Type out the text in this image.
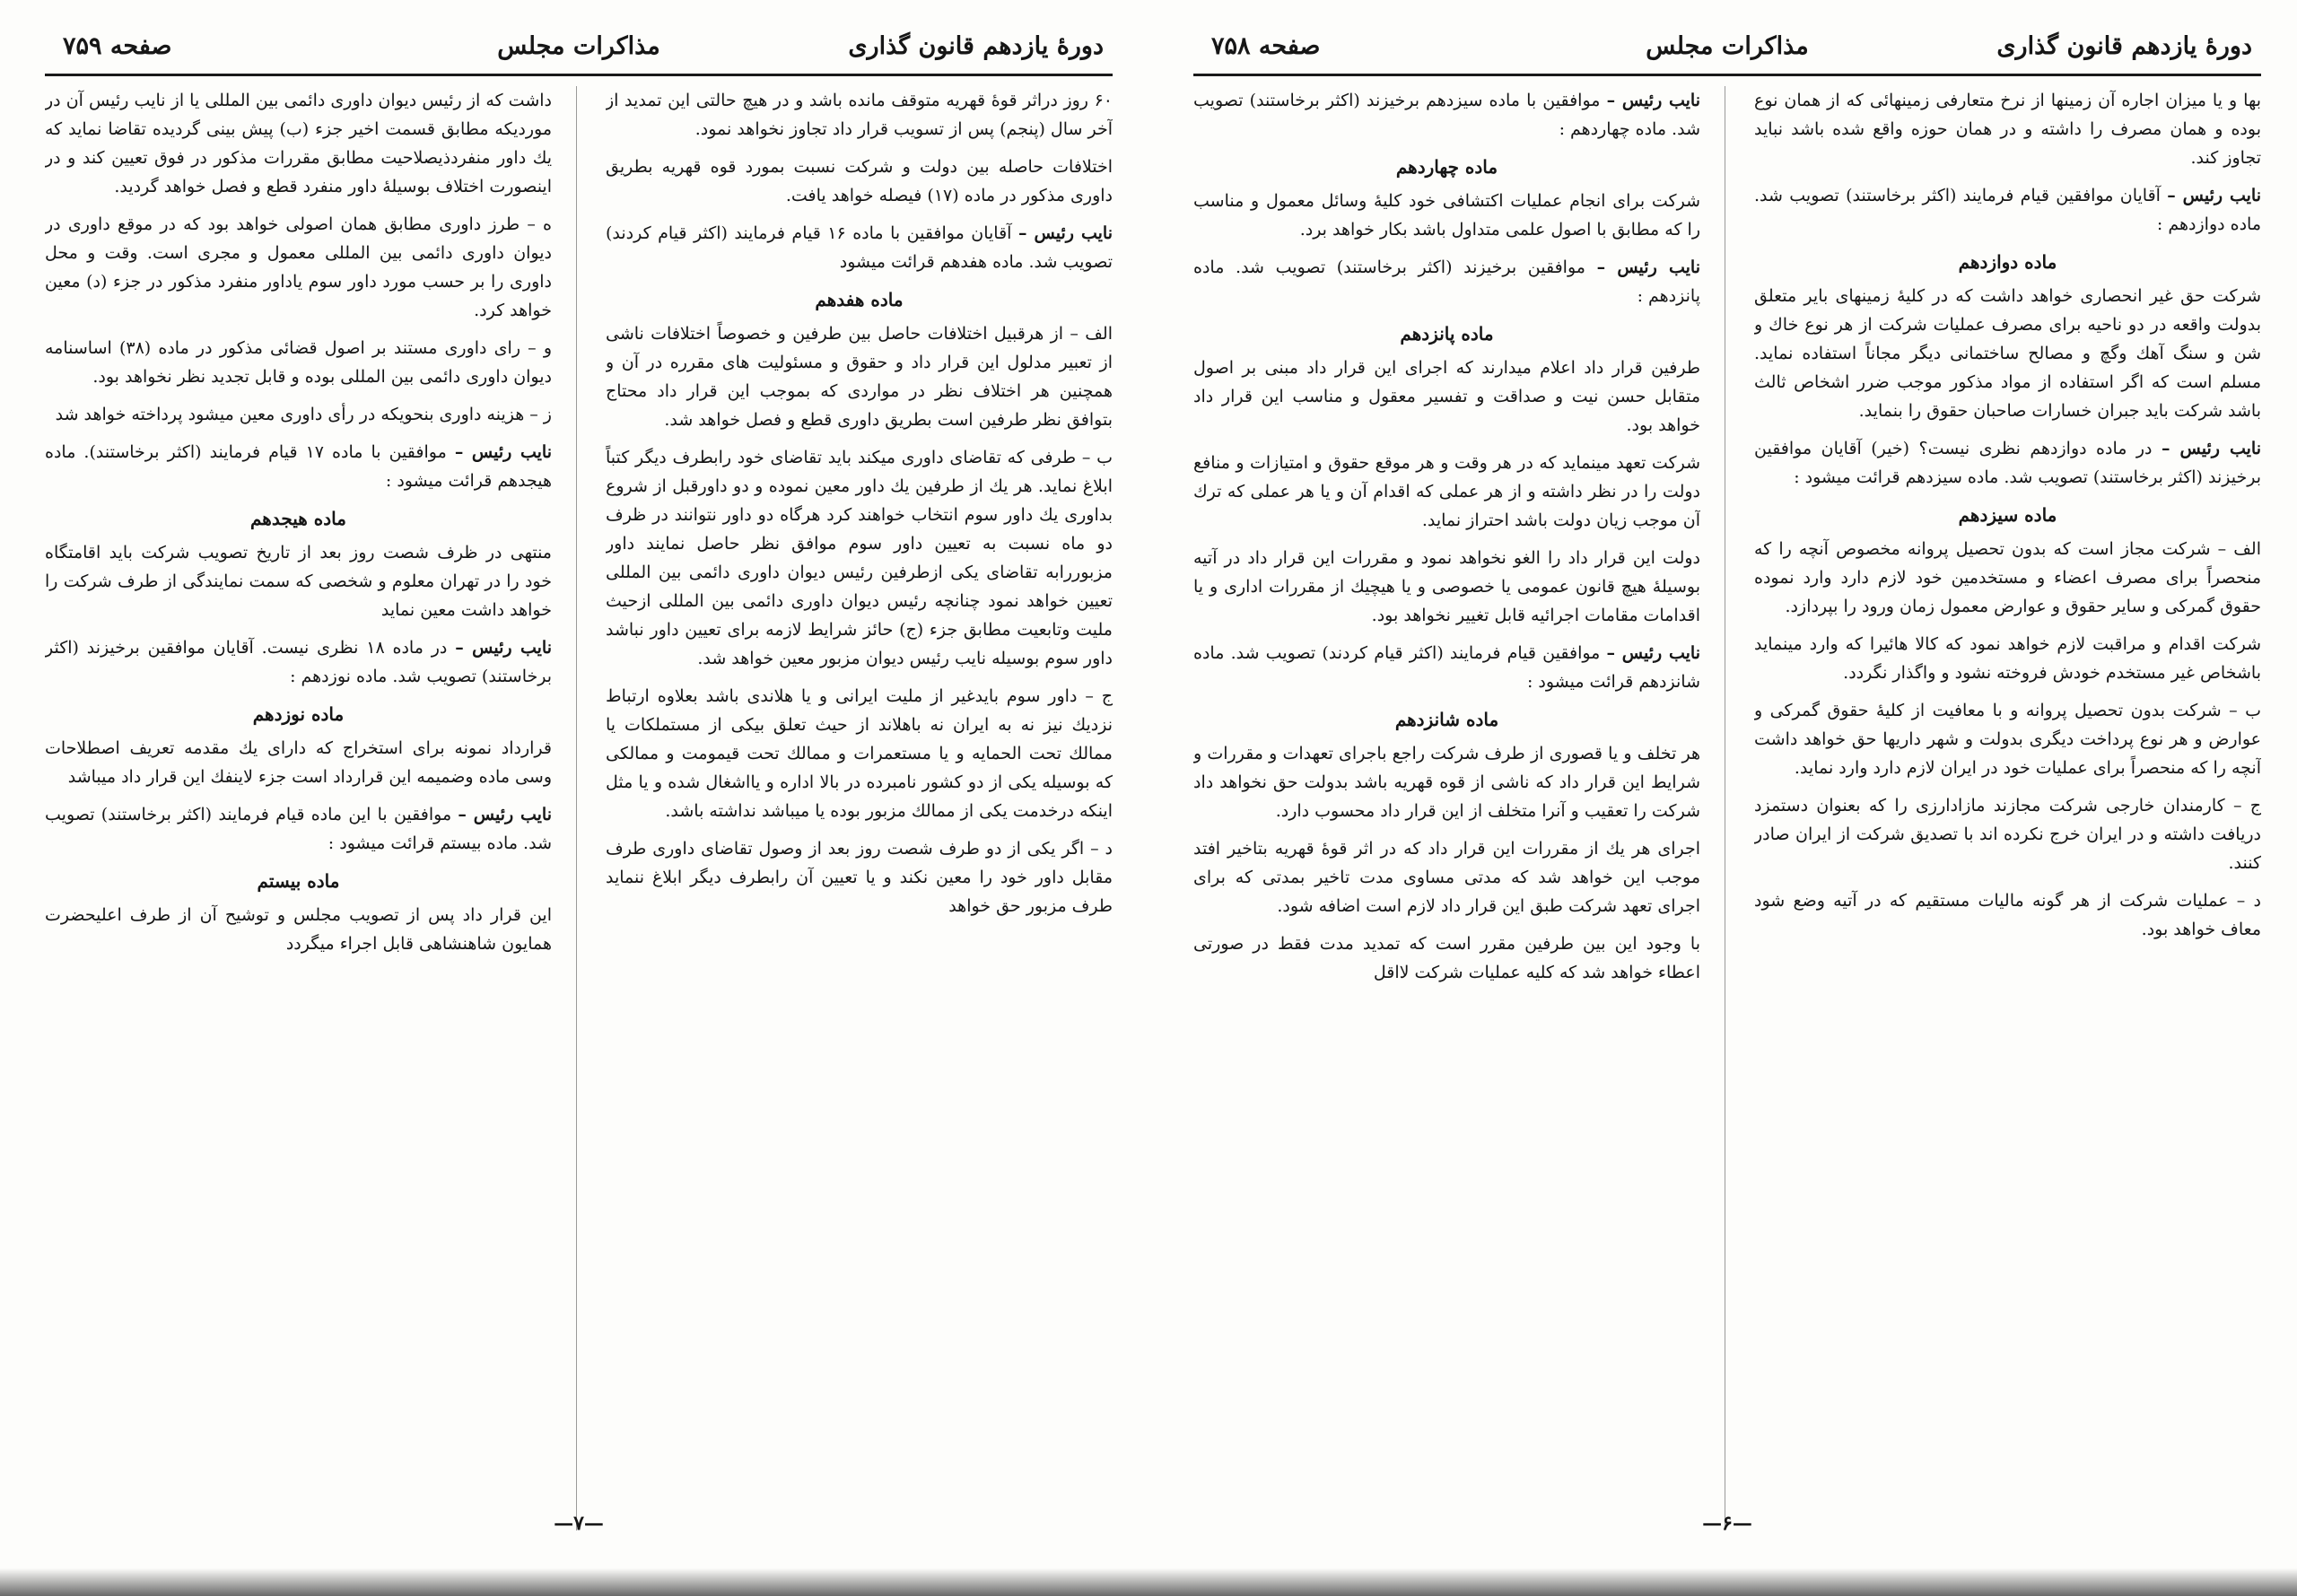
دورهٔ یازدهم قانون گذاری
مذاکرات مجلس
صفحه ۷۵۹

۶۰ روز دراثر قوهٔ قهریه متوقف مانده باشد و در هیچ حالتی این تمدید از آخر سال (پنجم) پس از تسویب قرار داد تجاوز نخواهد نمود.

اختلافات حاصله بین دولت و شرکت نسبت بمورد قوه قهریه بطریق داوری مذکور در ماده (۱۷) فیصله خواهد یافت.

نایب رئیس – آقایان موافقین با ماده ۱۶ قیام فرمایند (اکثر قیام کردند) تصویب شد. ماده هفدهم قرائت میشود

ماده هفدهم

الف – از هرقبیل اختلافات حاصل بین طرفین و خصوصاً اختلافات ناشی از تعبیر مدلول این قرار داد و حقوق و مسئولیت های مقرره در آن و همچنین هر اختلاف نظر در مواردی که بموجب این قرار داد محتاج بتوافق نظر طرفین است بطریق داوری قطع و فصل خواهد شد.

ب – طرفی که تقاضای داوری میکند باید تقاضای خود رابطرف دیگر کتباً ابلاغ نماید. هر یك از طرفین یك داور معین نموده و دو داورقبل از شروع بداوری یك داور سوم انتخاب خواهند کرد هرگاه دو داور نتوانند در ظرف دو ماه نسبت به تعیین داور سوم موافق نظر حاصل نمایند داور مزبوررابه تقاضای یکی ازطرفین رئیس دیوان داوری دائمی بین المللی تعیین خواهد نمود چنانچه رئیس دیوان داوری دائمی بین المللی ازحیث ملیت وتابعیت مطابق جزء (ج) حائز شرایط لازمه برای تعیین داور نباشد داور سوم بوسیله نایب رئیس دیوان مزبور معین خواهد شد.

ج – داور سوم بایدغیر از ملیت ایرانی و یا هلاندی باشد بعلاوه ارتباط نزدیك نیز نه به ایران نه باهلاند از حیث تعلق بیکی از مستملکات یا ممالك تحت الحمایه و یا مستعمرات و ممالك تحت قیمومت و ممالکی که بوسیله یکی از دو کشور نامبرده در بالا اداره و یااشغال شده و یا مثل اینکه درخدمت یکی از ممالك مزبور بوده یا میباشد نداشته باشد.

د – اگر یکی از دو طرف شصت روز بعد از وصول تقاضای داوری طرف مقابل داور خود را معین نکند و یا تعیین آن رابطرف دیگر ابلاغ ننماید طرف مزبور حق خواهد

داشت که از رئیس دیوان داوری دائمی بین المللی یا از نایب رئیس آن در موردیکه مطابق قسمت اخیر جزء (ب) پیش بینی گردیده تقاضا نماید که یك داور منفردذیصلاحیت مطابق مقررات مذکور در فوق تعیین کند و در اینصورت اختلاف بوسیلهٔ داور منفرد قطع و فصل خواهد گردید.

ه – طرز داوری مطابق همان اصولی خواهد بود که در موقع داوری در دیوان داوری دائمی بین المللی معمول و مجری است. وقت و محل داوری را بر حسب مورد داور سوم یاداور منفرد مذکور در جزء (د) معین خواهد کرد.

و – رای داوری مستند بر اصول قضائی مذکور در ماده (۳۸) اساسنامه دیوان داوری دائمی بین المللی بوده و قابل تجدید نظر نخواهد بود.

ز – هزینه داوری بنحویکه در رأی داوری معین میشود پرداخته خواهد شد

نایب رئیس – موافقین با ماده ۱۷ قیام فرمایند (اکثر برخاستند). ماده هیجدهم قرائت میشود :

ماده هیجدهم

منتهی در ظرف شصت روز بعد از تاریخ تصویب شرکت باید اقامتگاه خود را در تهران معلوم و شخصی که سمت نمایندگی از طرف شرکت را خواهد داشت معین نماید

نایب رئیس – در ماده ۱۸ نظری نیست. آقایان موافقین برخیزند (اکثر برخاستند) تصویب شد. ماده نوزدهم :

ماده نوزدهم

قرارداد نمونه برای استخراج که دارای یك مقدمه تعریف اصطلاحات وسی ماده وضمیمه این قرارداد است جزء لاینفك این قرار داد میباشد

نایب رئیس – موافقین با این ماده قیام فرمایند (اکثر برخاستند) تصویب شد. ماده بیستم قرائت میشود :

ماده بیستم

این قرار داد پس از تصویب مجلس و توشیح آن از طرف اعلیحضرت همایون شاهنشاهی قابل اجراء میگردد

—۷—
دورهٔ یازدهم قانون گذاری
مذاکرات مجلس
صفحه ۷۵۸

بها و یا میزان اجاره آن زمینها از نرخ متعارفی زمینهائی که از همان نوع بوده و همان مصرف را داشته و در همان حوزه واقع شده باشد نباید تجاوز کند.

نایب رئیس – آقایان موافقین قیام فرمایند (اکثر برخاستند) تصویب شد. ماده دوازدهم :

ماده دوازدهم

شرکت حق غیر انحصاری خواهد داشت که در کلیهٔ زمینهای بایر متعلق بدولت واقعه در دو ناحیه برای مصرف عملیات شرکت از هر نوع خاك و شن و سنگ آهك وگچ و مصالح ساختمانی دیگر مجاناً استفاده نماید. مسلم است که اگر استفاده از مواد مذکور موجب ضرر اشخاص ثالث باشد شرکت باید جبران خسارات صاحبان حقوق را بنماید.

نایب رئیس – در ماده دوازدهم نظری نیست؟ (خیر) آقایان موافقین برخیزند (اکثر برخاستند) تصویب شد. ماده سیزدهم قرائت میشود :

ماده سیزدهم

الف – شرکت مجاز است که بدون تحصیل پروانه مخصوص آنچه را که منحصراً برای مصرف اعضاء و مستخدمین خود لازم دارد وارد نموده حقوق گمرکی و سایر حقوق و عوارض معمول زمان ورود را بپردازد.

شرکت اقدام و مراقبت لازم خواهد نمود که کالا هائیرا که وارد مینماید باشخاص غیر مستخدم خودش فروخته نشود و واگذار نگردد.

ب – شرکت بدون تحصیل پروانه و با معافیت از کلیهٔ حقوق گمرکی و عوارض و هر نوع پرداخت دیگری بدولت و شهر داریها حق خواهد داشت آنچه را که منحصراً برای عملیات خود در ایران لازم دارد وارد نماید.

ج – کارمندان خارجی شرکت مجازند مازادارزی را که بعنوان دستمزد دریافت داشته و در ایران خرج نکرده اند با تصدیق شرکت از ایران صادر کنند.

د – عملیات شرکت از هر گونه مالیات مستقیم که در آتیه وضع شود معاف خواهد بود.

نایب رئیس – موافقین با ماده سیزدهم برخیزند (اکثر برخاستند) تصویب شد. ماده چهاردهم :

ماده چهاردهم

شرکت برای انجام عملیات اکتشافی خود کلیهٔ وسائل معمول و مناسب را که مطابق با اصول علمی متداول باشد بکار خواهد برد.

نایب رئیس – موافقین برخیزند (اکثر برخاستند) تصویب شد. ماده پانزدهم :

ماده پانزدهم

طرفین قرار داد اعلام میدارند که اجرای این قرار داد مبنی بر اصول متقابل حسن نیت و صداقت و تفسیر معقول و مناسب این قرار داد خواهد بود.

شرکت تعهد مینماید که در هر وقت و هر موقع حقوق و امتیازات و منافع دولت را در نظر داشته و از هر عملی که اقدام آن و یا هر عملی که ترك آن موجب زیان دولت باشد احتراز نماید.

دولت این قرار داد را الغو نخواهد نمود و مقررات این قرار داد در آتیه بوسیلهٔ هیچ قانون عمومی یا خصوصی و یا هیچیك از مقررات اداری و یا اقدامات مقامات اجرائیه قابل تغییر نخواهد بود.

نایب رئیس – موافقین قیام فرمایند (اکثر قیام کردند) تصویب شد. ماده شانزدهم قرائت میشود :

ماده شانزدهم

هر تخلف و یا قصوری از طرف شرکت راجع باجرای تعهدات و مقررات و شرایط این قرار داد که ناشی از قوه قهریه باشد بدولت حق نخواهد داد شرکت را تعقیب و آنرا متخلف از این قرار داد محسوب دارد.

اجرای هر یك از مقررات این قرار داد که در اثر قوهٔ قهریه بتاخیر افتد موجب این خواهد شد که مدتی مساوی مدت تاخیر بمدتی که برای اجرای تعهد شرکت طبق این قرار داد لازم است اضافه شود.

با وجود این بین طرفین مقرر است که تمدید مدت فقط در صورتی اعطاء خواهد شد که کلیه عملیات شرکت لااقل

—۶—
